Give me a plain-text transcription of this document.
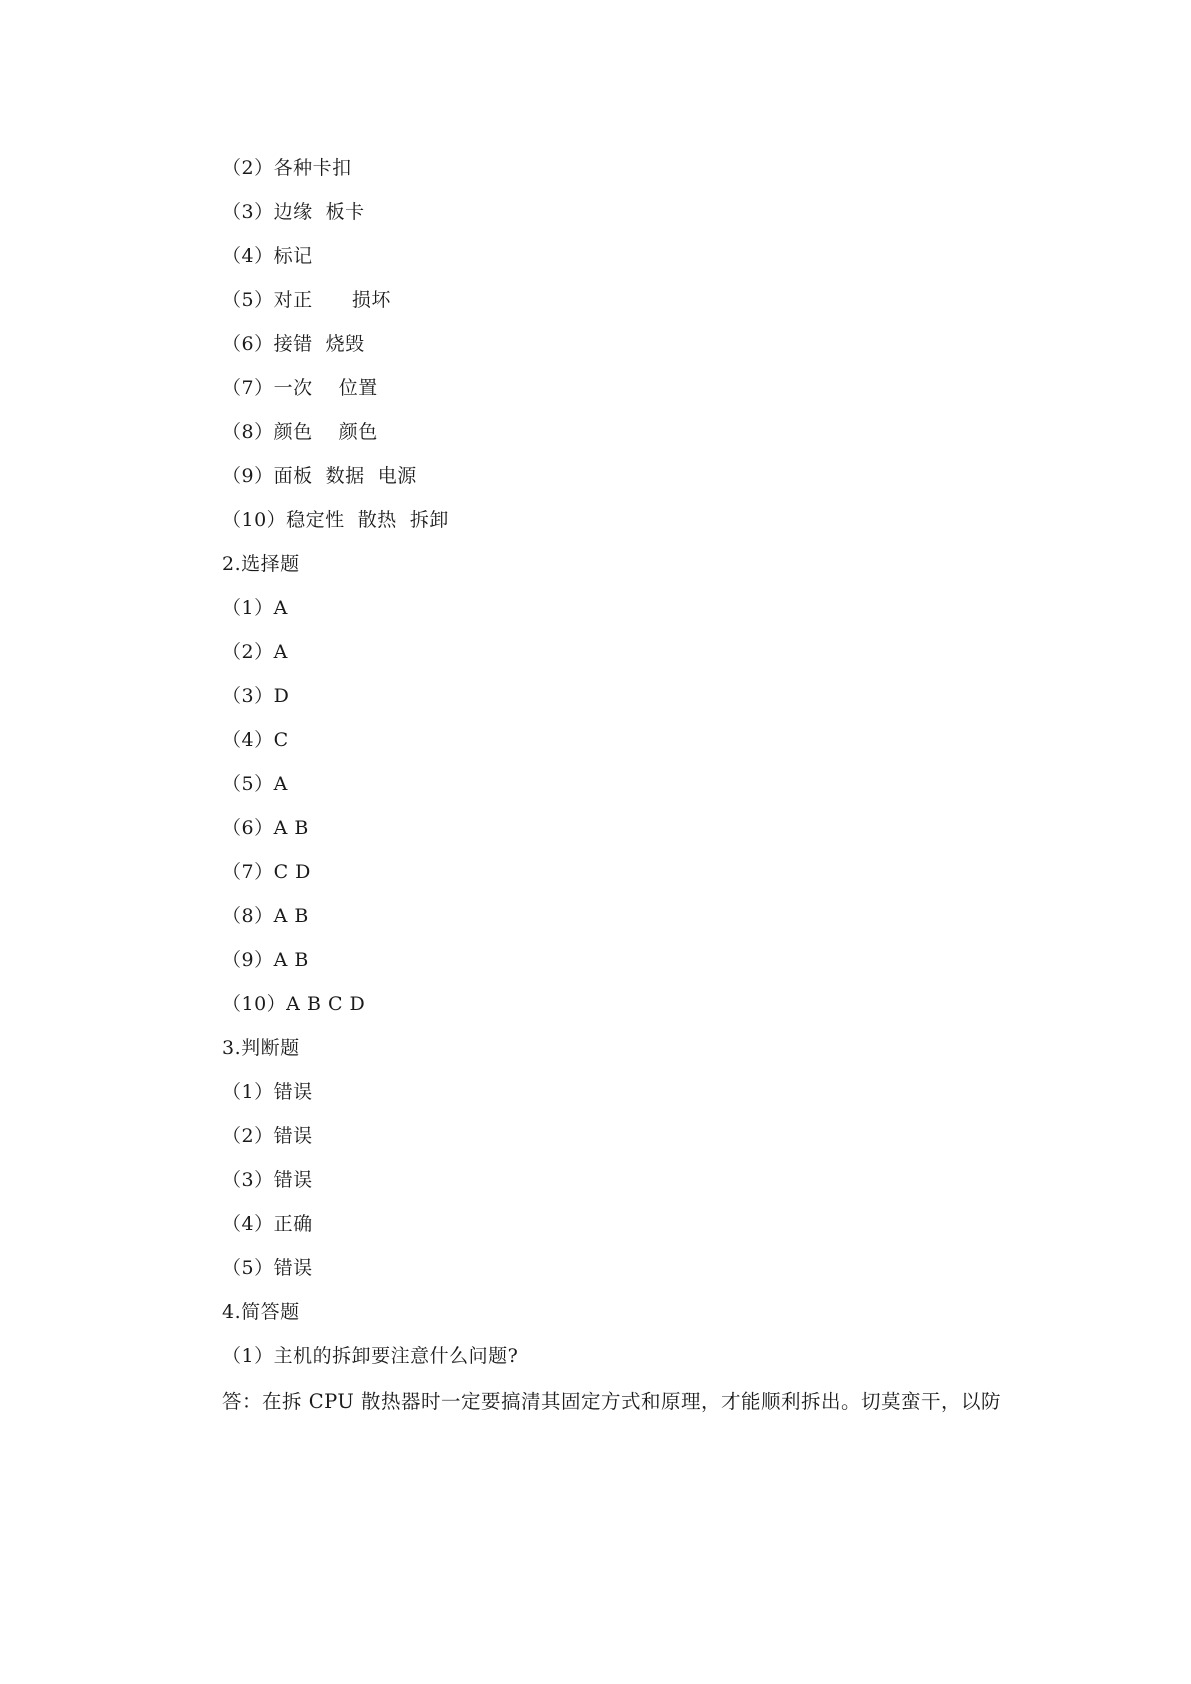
（2）各种卡扣
（3）边缘  板卡
（4）标记
（5）对正      损坏
（6）接错  烧毁
（7）一次    位置
（8）颜色    颜色
（9）面板  数据  电源
（10）稳定性  散热  拆卸
2.选择题
（1）A
（2）A
（3）D
（4）C
（5）A
（6）A B
（7）C D
（8）A B
（9）A B
（10）A B C D
3.判断题
（1）错误
（2）错误
（3）错误
（4）正确
（5）错误
4.简答题
（1）主机的拆卸要注意什么问题?
答：在拆 CPU 散热器时一定要搞清其固定方式和原理，才能顺利拆出。切莫蛮干，以防
